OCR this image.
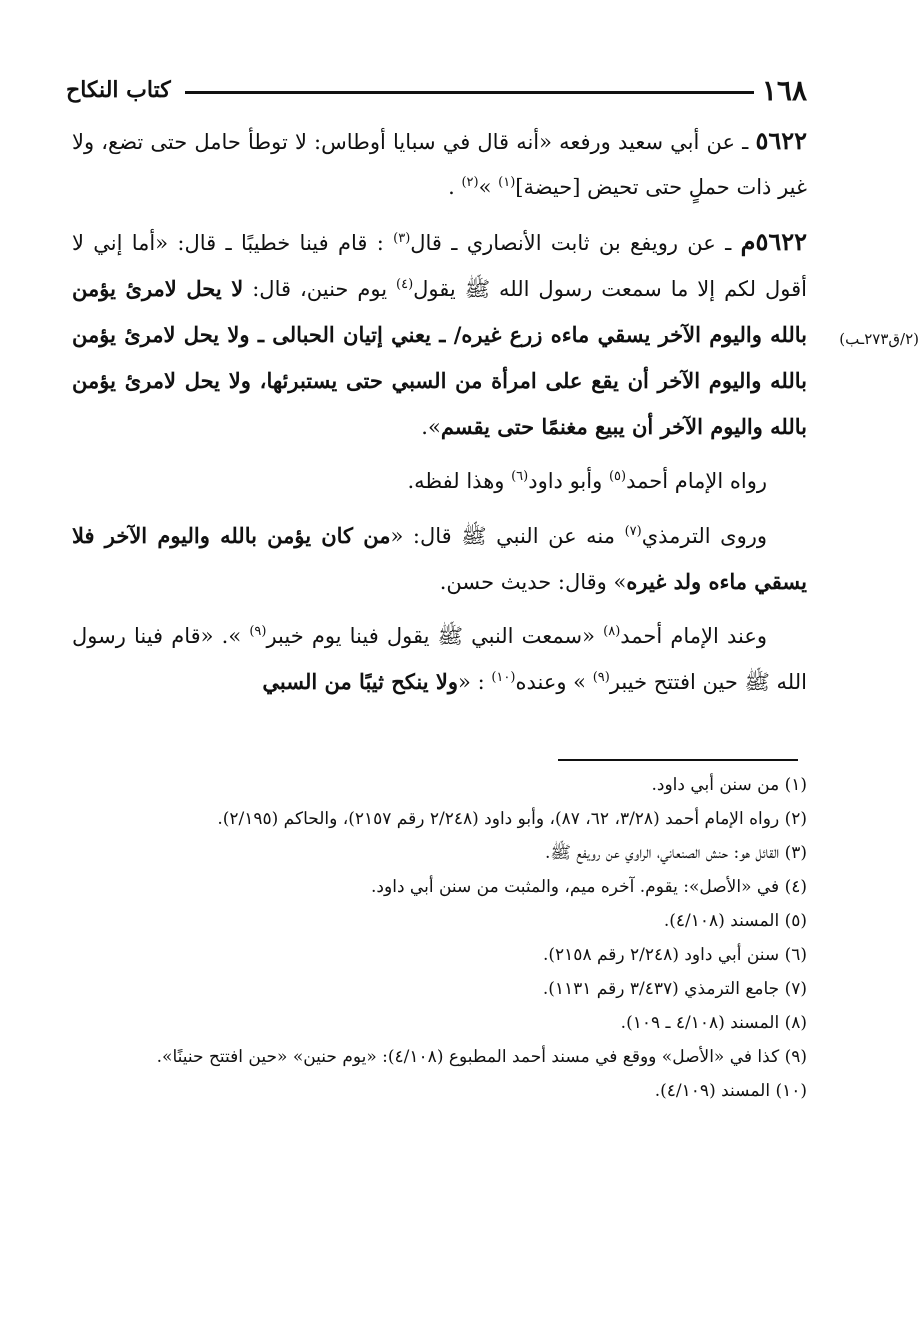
١٦٨
كتاب النكاح
(٢/ق٢٧٣ـب)

٥٦٢٢ ـ عن أبي سعيد ورفعه «أنه قال في سبايا أوطاس: لا توطأ حامل حتى تضع، ولا غير ذات حملٍ حتى تحيض [حيضة]$^{(١)}$ »$^{(٢)}$ .

٥٦٢٢م ـ عن رويفع بن ثابت الأنصاري ـ قال$^{(٣)}$ : قام فينا خطيبًا ـ قال: «أما إني لا أقول لكم إلا ما سمعت رسول الله ﷺ يقول$^{(٤)}$ يوم حنين، قال: لا يحل لامرئ يؤمن بالله واليوم الآخر يسقي ماءه زرع غيره/ ـ يعني إتيان الحبالى ـ ولا يحل لامرئ يؤمن بالله واليوم الآخر أن يقع على امرأة من السبي حتى يستبرئها، ولا يحل لامرئ يؤمن بالله واليوم الآخر أن يبيع مغنمًا حتى يقسم».

رواه الإمام أحمد$^{(٥)}$ وأبو داود$^{(٦)}$ وهذا لفظه.

وروى الترمذي$^{(٧)}$ منه عن النبي ﷺ قال: «من كان يؤمن بالله واليوم الآخر فلا يسقي ماءه ولد غيره» وقال: حديث حسن.

وعند الإمام أحمد$^{(٨)}$ «سمعت النبي ﷺ يقول فينا يوم خيبر$^{(٩)}$ ». «قام فينا رسول الله ﷺ حين افتتح خيبر$^{(٩)}$ » وعنده$^{(١٠)}$ : «ولا ينكح ثيبًا من السبي

(١) من سنن أبي داود.

(٢) رواه الإمام أحمد (٣/٢٨، ٦٢، ٨٧)، وأبو داود (٢/٢٤٨ رقم ٢١٥٧)، والحاكم (٢/١٩٥).

(٣) القائل هو: حنش الصنعاني، الراوي عن رويفع ﷺ.

(٤) في «الأصل»: يقوم. آخره ميم، والمثبت من سنن أبي داود.

(٥) المسند (٤/١٠٨).

(٦) سنن أبي داود (٢/٢٤٨ رقم ٢١٥٨).

(٧) جامع الترمذي (٣/٤٣٧ رقم ١١٣١).

(٨) المسند (٤/١٠٨ ـ ١٠٩).

(٩) كذا في «الأصل» ووقع في مسند أحمد المطبوع (٤/١٠٨): «يوم حنين» «حين افتتح حنينًا».

(١٠) المسند (٤/١٠٩).
